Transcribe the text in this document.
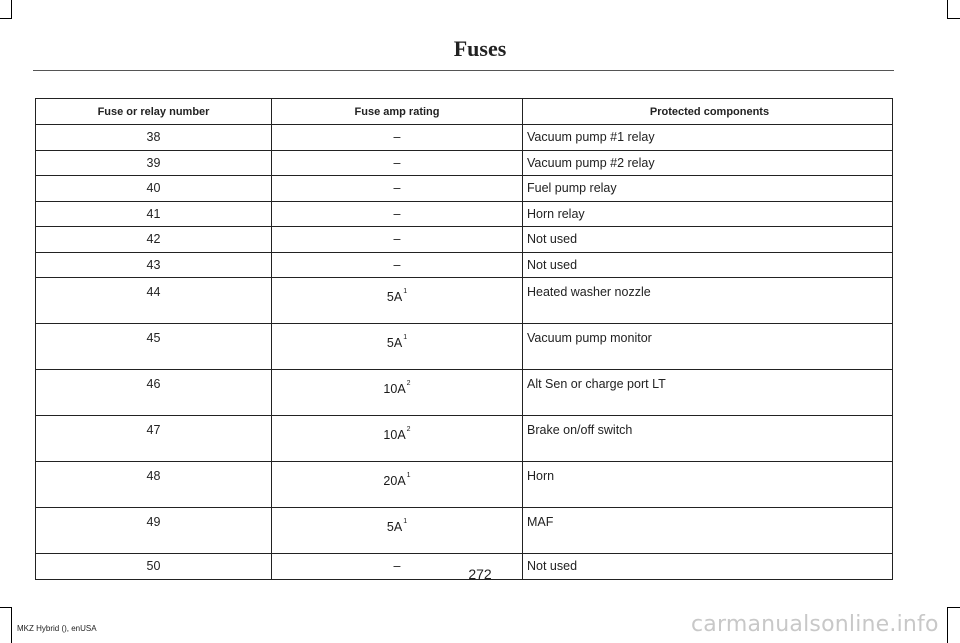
Fuses
Fuse or relay number	Fuse amp rating	Protected components
38	–	Vacuum pump #1 relay
39	–	Vacuum pump #2 relay
40	–	Fuel pump relay
41	–	Horn relay
42	–	Not used
43	–	Not used
44	5A$^1$	Heated washer nozzle
45	5A$^1$	Vacuum pump monitor
46	10A$^2$	Alt Sen or charge port LT
47	10A$^2$	Brake on/off switch
48	20A$^1$	Horn
49	5A$^1$	MAF
50	–	Not used
272
MKZ Hybrid (), enUSA	carmanualsonline.info
